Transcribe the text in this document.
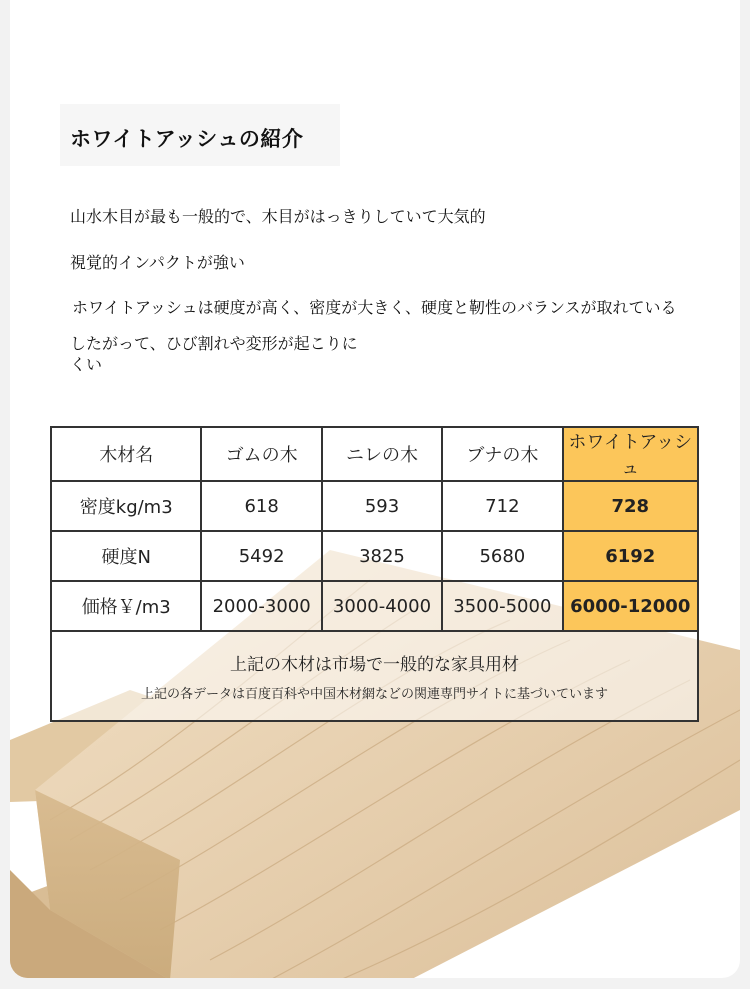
ホワイトアッシュの紹介

山水木目が最も一般的で、木目がはっきりしていて大気的

視覚的インパクトが強い

ホワイトアッシュは硬度が高く、密度が大きく、硬度と靭性のバランスが取れている

したがって、ひび割れや変形が起こりにくい

木材名	ゴムの木	ニレの木	ブナの木	ホワイトアッシュ
密度kg/m3	618	593	712	728
硬度N	5492	3825	5680	6192
価格￥/m3	2000-3000	3000-4000	3500-5000	6000-12000

上記の木材は市場で一般的な家具用材
上記の各データは百度百科や中国木材網などの関連専門サイトに基づいています				
